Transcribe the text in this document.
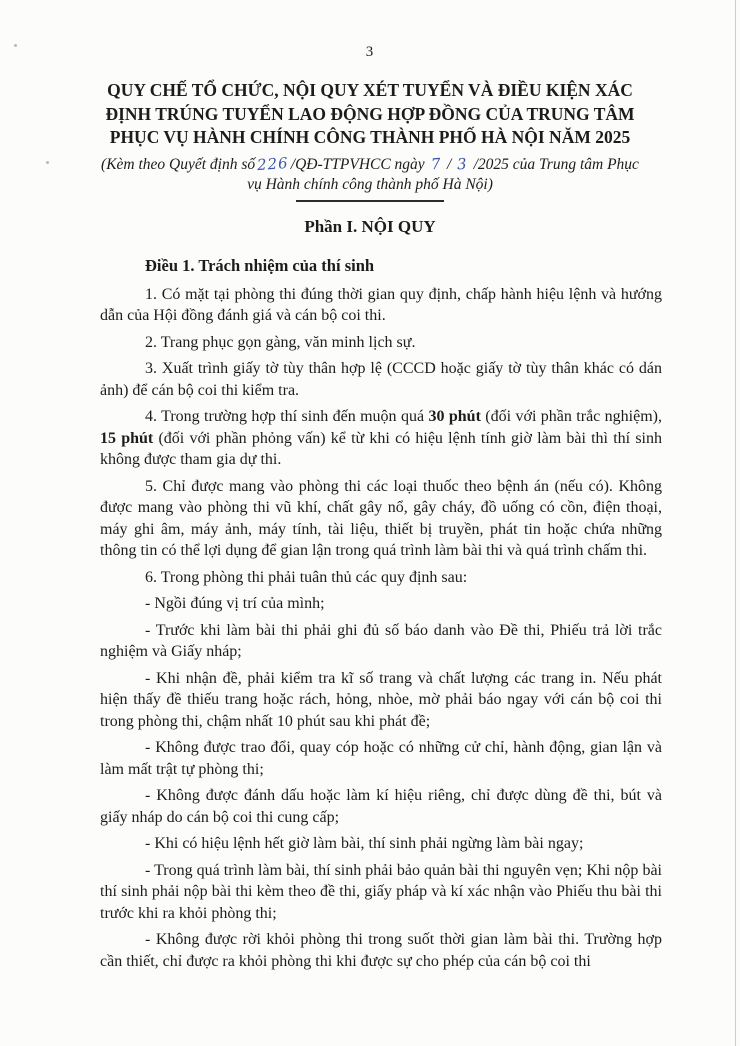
3
QUY CHẾ TỔ CHỨC, NỘI QUY XÉT TUYỂN VÀ ĐIỀU KIỆN XÁC
ĐỊNH TRÚNG TUYỂN LAO ĐỘNG HỢP ĐỒNG CỦA TRUNG TÂM
PHỤC VỤ HÀNH CHÍNH CÔNG THÀNH PHỐ HÀ NỘI NĂM 2025
(Kèm theo Quyết định số226/QĐ-TTPVHCC ngày 7 / 3 /2025 của Trung tâm Phục vụ Hành chính công thành phố Hà Nội)
Phần I. NỘI QUY
Điều 1. Trách nhiệm của thí sinh

1. Có mặt tại phòng thi đúng thời gian quy định, chấp hành hiệu lệnh và hướng dẫn của Hội đồng đánh giá và cán bộ coi thi.

2. Trang phục gọn gàng, văn minh lịch sự.

3. Xuất trình giấy tờ tùy thân hợp lệ (CCCD hoặc giấy tờ tùy thân khác có dán ảnh) để cán bộ coi thi kiểm tra.

4. Trong trường hợp thí sinh đến muộn quá 30 phút (đối với phần trắc nghiệm), 15 phút (đối với phần phỏng vấn) kể từ khi có hiệu lệnh tính giờ làm bài thì thí sinh không được tham gia dự thi.

5. Chỉ được mang vào phòng thi các loại thuốc theo bệnh án (nếu có). Không được mang vào phòng thi vũ khí, chất gây nổ, gây cháy, đồ uống có cồn, điện thoại, máy ghi âm, máy ảnh, máy tính, tài liệu, thiết bị truyền, phát tin hoặc chứa những thông tin có thể lợi dụng để gian lận trong quá trình làm bài thi và quá trình chấm thi.

6. Trong phòng thi phải tuân thủ các quy định sau:

- Ngồi đúng vị trí của mình;

- Trước khi làm bài thi phải ghi đủ số báo danh vào Đề thi, Phiếu trả lời trắc nghiệm và Giấy nháp;

- Khi nhận đề, phải kiểm tra kĩ số trang và chất lượng các trang in. Nếu phát hiện thấy đề thiếu trang hoặc rách, hỏng, nhòe, mờ phải báo ngay với cán bộ coi thi trong phòng thi, chậm nhất 10 phút sau khi phát đề;

- Không được trao đổi, quay cóp hoặc có những cử chỉ, hành động, gian lận và làm mất trật tự phòng thi;

- Không được đánh dấu hoặc làm kí hiệu riêng, chỉ được dùng đề thi, bút và giấy nháp do cán bộ coi thi cung cấp;

- Khi có hiệu lệnh hết giờ làm bài, thí sinh phải ngừng làm bài ngay;

- Trong quá trình làm bài, thí sinh phải bảo quản bài thi nguyên vẹn; Khi nộp bài thí sinh phải nộp bài thi kèm theo đề thi, giấy pháp và kí xác nhận vào Phiếu thu bài thi trước khi ra khỏi phòng thi;

- Không được rời khỏi phòng thi trong suốt thời gian làm bài thi. Trường hợp cần thiết, chỉ được ra khỏi phòng thi khi được sự cho phép của cán bộ coi thi
